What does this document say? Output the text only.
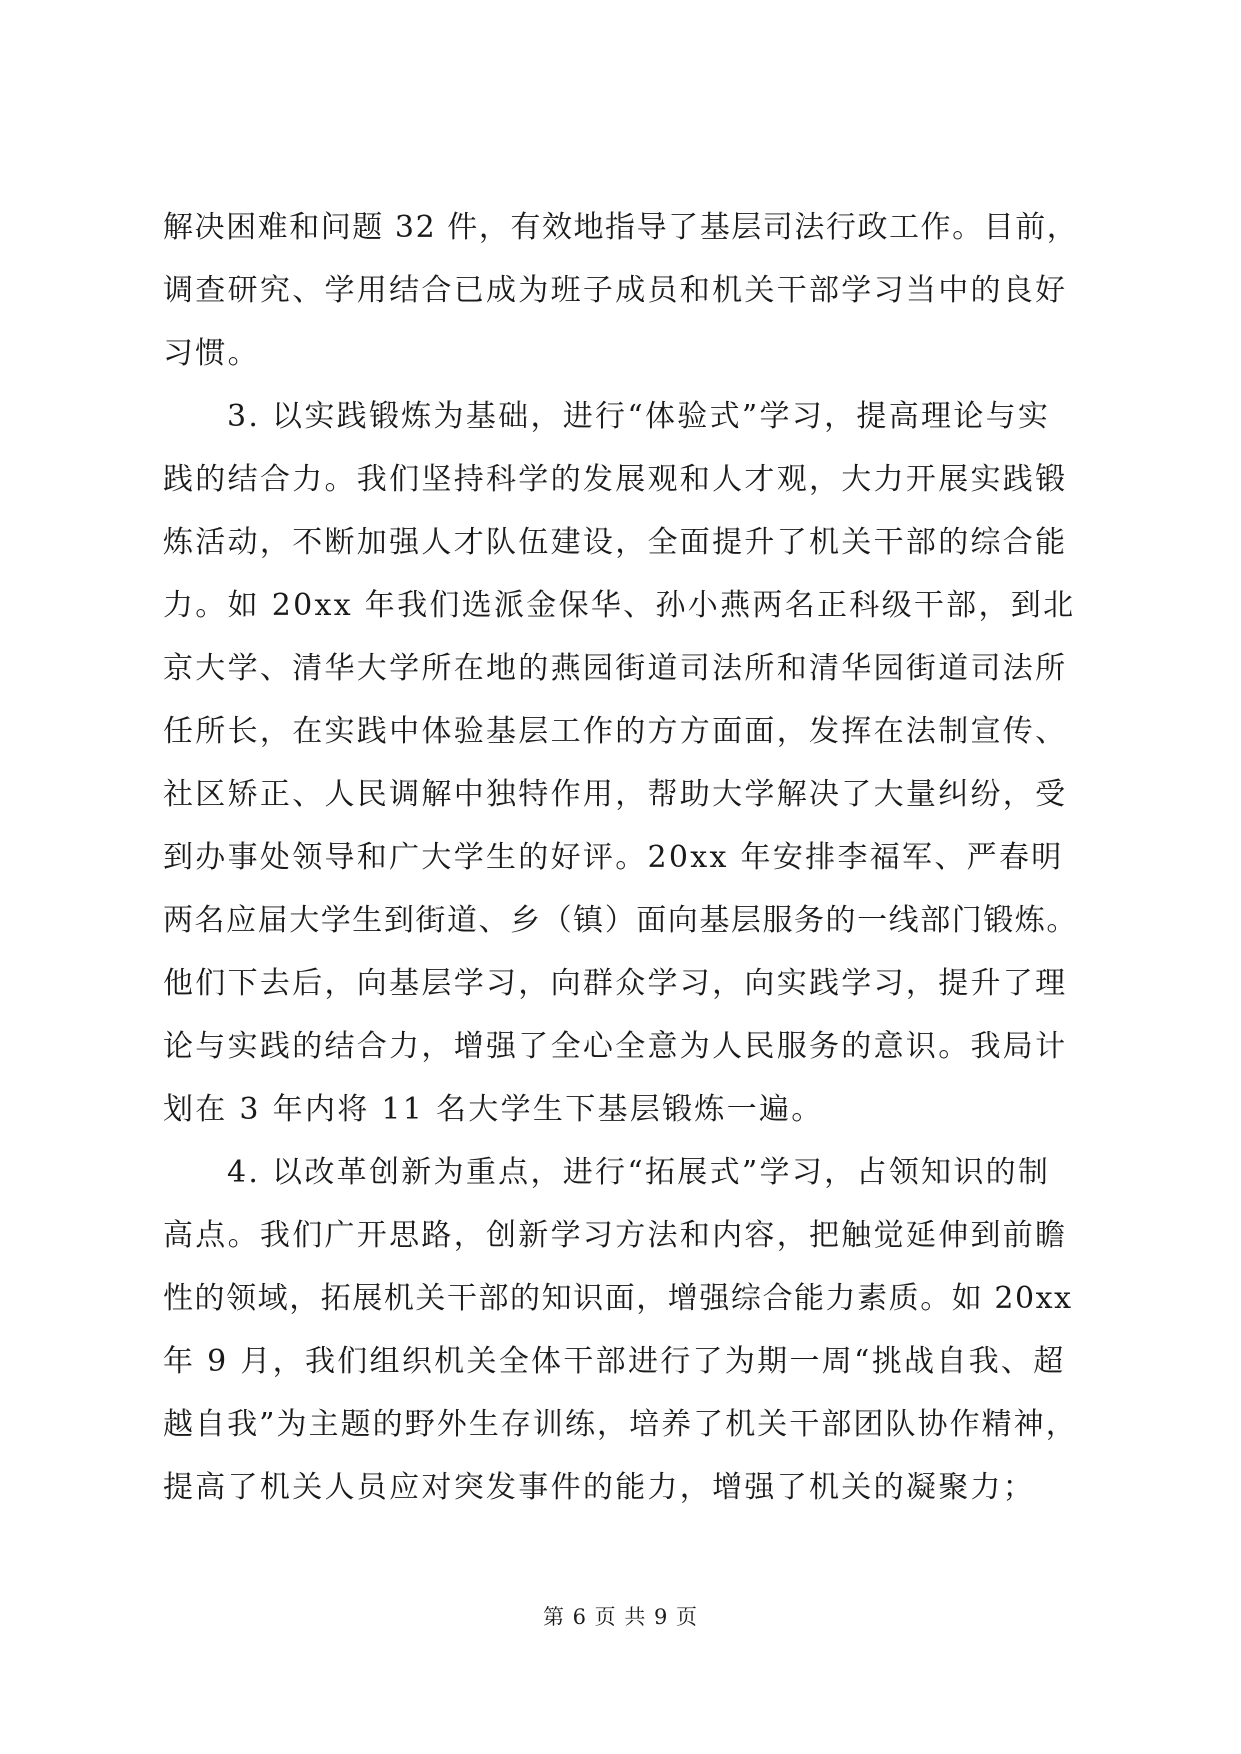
解决困难和问题 32 件，有效地指导了基层司法行政工作。目前，
调查研究、学用结合已成为班子成员和机关干部学习当中的良好
习惯。
3. 以实践锻炼为基础，进行“体验式”学习，提高理论与实
践的结合力。我们坚持科学的发展观和人才观，大力开展实践锻
炼活动，不断加强人才队伍建设，全面提升了机关干部的综合能
力。如 20xx 年我们选派金保华、孙小燕两名正科级干部，到北
京大学、清华大学所在地的燕园街道司法所和清华园街道司法所
任所长，在实践中体验基层工作的方方面面，发挥在法制宣传、
社区矫正、人民调解中独特作用，帮助大学解决了大量纠纷，受
到办事处领导和广大学生的好评。20xx 年安排李福军、严春明
两名应届大学生到街道、乡（镇）面向基层服务的一线部门锻炼。
他们下去后，向基层学习，向群众学习，向实践学习，提升了理
论与实践的结合力，增强了全心全意为人民服务的意识。我局计
划在 3 年内将 11 名大学生下基层锻炼一遍。
4. 以改革创新为重点，进行“拓展式”学习，占领知识的制
高点。我们广开思路，创新学习方法和内容，把触觉延伸到前瞻
性的领域，拓展机关干部的知识面，增强综合能力素质。如 20xx
年 9 月，我们组织机关全体干部进行了为期一周“挑战自我、超
越自我”为主题的野外生存训练，培养了机关干部团队协作精神，
提高了机关人员应对突发事件的能力，增强了机关的凝聚力；
第 6 页 共 9 页
